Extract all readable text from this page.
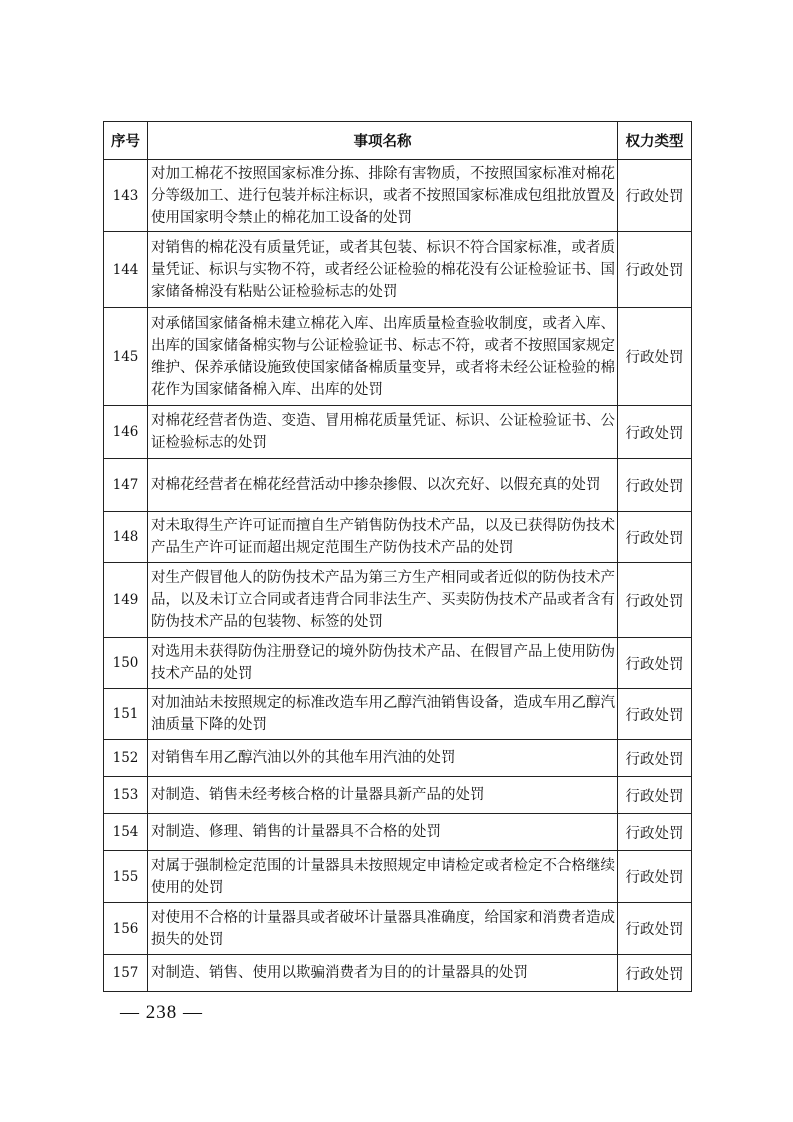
序号	事项名称	权力类型
143	对加工棉花不按照国家标准分拣、排除有害物质，不按照国家标准对棉花分等级加工、进行包装并标注标识，或者不按照国家标准成包组批放置及使用国家明令禁止的棉花加工设备的处罚	行政处罚
144	对销售的棉花没有质量凭证，或者其包装、标识不符合国家标准，或者质量凭证、标识与实物不符，或者经公证检验的棉花没有公证检验证书、国家储备棉没有粘贴公证检验标志的处罚	行政处罚
145	对承储国家储备棉未建立棉花入库、出库质量检查验收制度，或者入库、出库的国家储备棉实物与公证检验证书、标志不符，或者不按照国家规定维护、保养承储设施致使国家储备棉质量变异，或者将未经公证检验的棉花作为国家储备棉入库、出库的处罚	行政处罚
146	对棉花经营者伪造、变造、冒用棉花质量凭证、标识、公证检验证书、公证检验标志的处罚	行政处罚
147	对棉花经营者在棉花经营活动中掺杂掺假、以次充好、以假充真的处罚	行政处罚
148	对未取得生产许可证而擅自生产销售防伪技术产品，以及已获得防伪技术产品生产许可证而超出规定范围生产防伪技术产品的处罚	行政处罚
149	对生产假冒他人的防伪技术产品为第三方生产相同或者近似的防伪技术产品，以及未订立合同或者违背合同非法生产、买卖防伪技术产品或者含有防伪技术产品的包装物、标签的处罚	行政处罚
150	对选用未获得防伪注册登记的境外防伪技术产品、在假冒产品上使用防伪技术产品的处罚	行政处罚
151	对加油站未按照规定的标准改造车用乙醇汽油销售设备，造成车用乙醇汽油质量下降的处罚	行政处罚
152	对销售车用乙醇汽油以外的其他车用汽油的处罚	行政处罚
153	对制造、销售未经考核合格的计量器具新产品的处罚	行政处罚
154	对制造、修理、销售的计量器具不合格的处罚	行政处罚
155	对属于强制检定范围的计量器具未按照规定申请检定或者检定不合格继续使用的处罚	行政处罚
156	对使用不合格的计量器具或者破坏计量器具准确度，给国家和消费者造成损失的处罚	行政处罚
157	对制造、销售、使用以欺骗消费者为目的的计量器具的处罚	行政处罚
— 238 —
